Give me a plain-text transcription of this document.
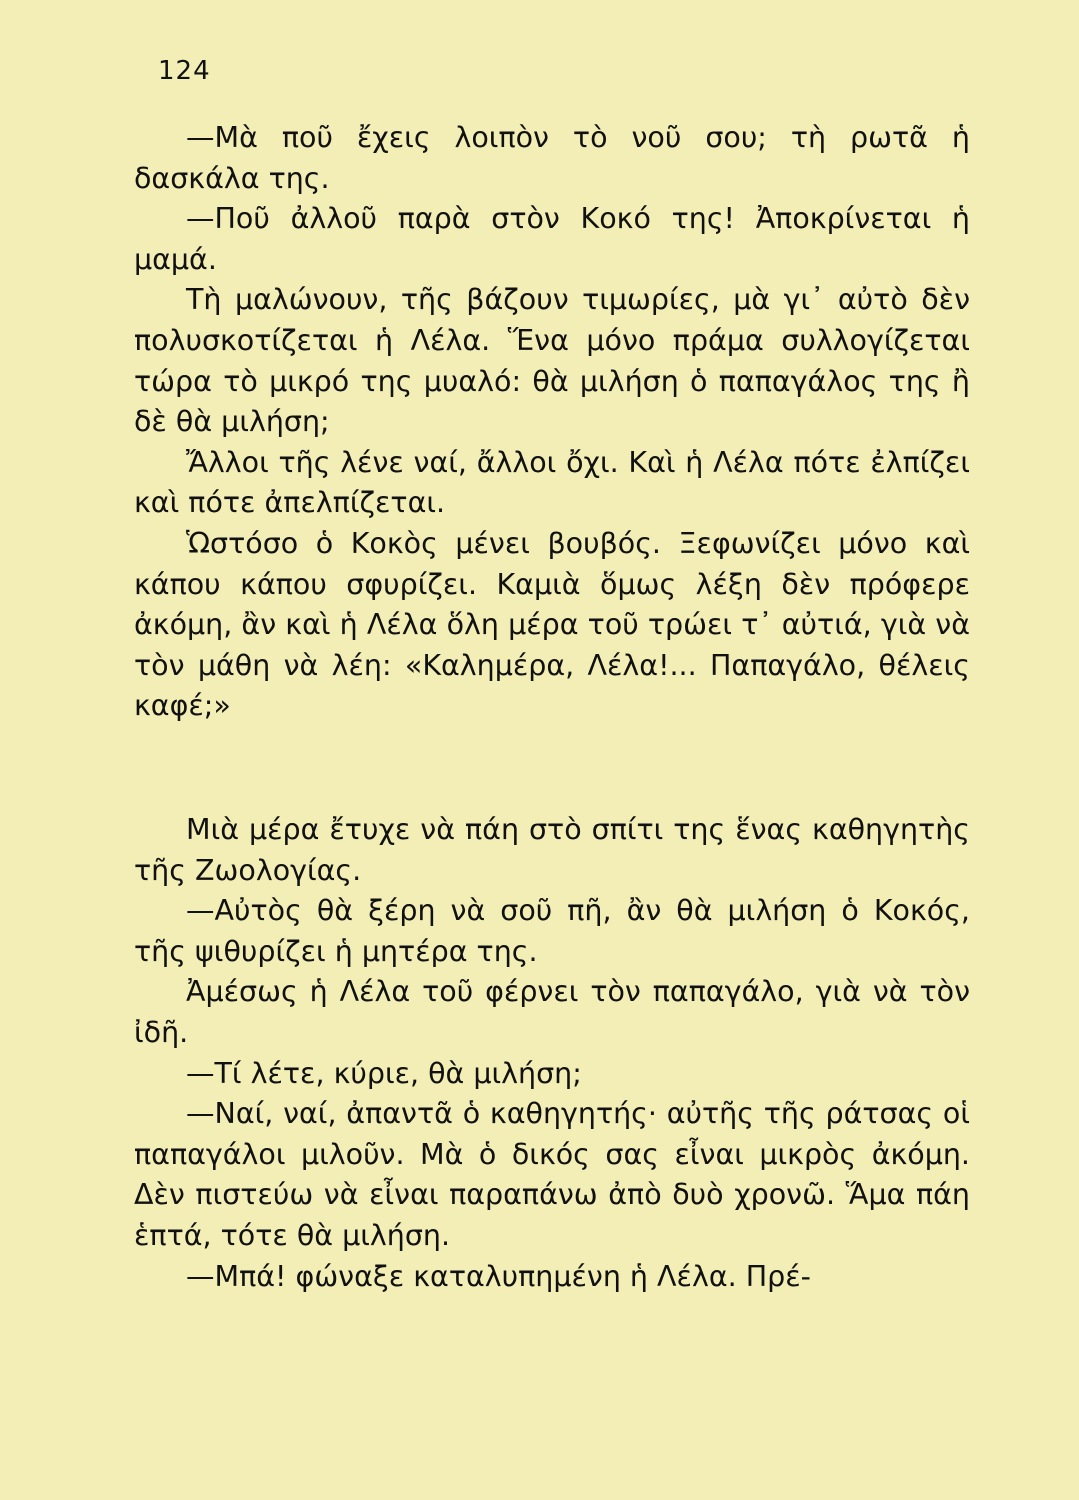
124

—Μὰ ποῦ ἔχεις λοιπὸν τὸ νοῦ σου; τὴ ρωτᾶ ἡ δασκάλα της.

—Ποῦ ἀλλοῦ παρὰ στὸν Κοκό της! Ἀποκρίνεται ἡ μαμά.

Τὴ μαλώνουν, τῆς βάζουν τιμωρίες, μὰ γι᾽ αὐτὸ δὲν πολυσκοτίζεται ἡ Λέλα. Ἕνα μόνο πράμα συλλογίζεται τώρα τὸ μικρό της μυαλό: θὰ μιλήση ὁ παπαγάλος της ἢ δὲ θὰ μιλήση;

Ἄλλοι τῆς λένε ναί, ἄλλοι ὄχι. Καὶ ἡ Λέλα πότε ἐλπίζει καὶ πότε ἀπελπίζεται.

Ὡστόσο ὁ Κοκὸς μένει βουβός. Ξεφωνίζει μόνο καὶ κάπου κάπου σφυρίζει. Καμιὰ ὅμως λέξη δὲν πρόφερε ἀκόμη, ἂν καὶ ἡ Λέλα ὅλη μέρα τοῦ τρώει τ᾽ αὐτιά, γιὰ νὰ τὸν μάθη νὰ λέη: «Καλημέρα, Λέλα!... Παπαγάλο, θέλεις καφέ;»

Μιὰ μέρα ἔτυχε νὰ πάη στὸ σπίτι της ἕνας καθηγητὴς τῆς Ζωολογίας.

—Αὐτὸς θὰ ξέρη νὰ σοῦ πῆ, ἂν θὰ μιλήση ὁ Κοκός, τῆς ψιθυρίζει ἡ μητέρα της.

Ἀμέσως ἡ Λέλα τοῦ φέρνει τὸν παπαγάλο, γιὰ νὰ τὸν ἰδῆ.

—Τί λέτε, κύριε, θὰ μιλήση;

—Ναί, ναί, ἀπαντᾶ ὁ καθηγητής· αὐτῆς τῆς ράτσας οἱ παπαγάλοι μιλοῦν. Μὰ ὁ δικός σας εἶναι μικρὸς ἀκόμη. Δὲν πιστεύω νὰ εἶναι παραπάνω ἀπὸ δυὸ χρονῶ. Ἅμα πάη ἑπτά, τότε θὰ μιλήση.

—Μπά! φώναξε καταλυπημένη ἡ Λέλα. Πρέ-
